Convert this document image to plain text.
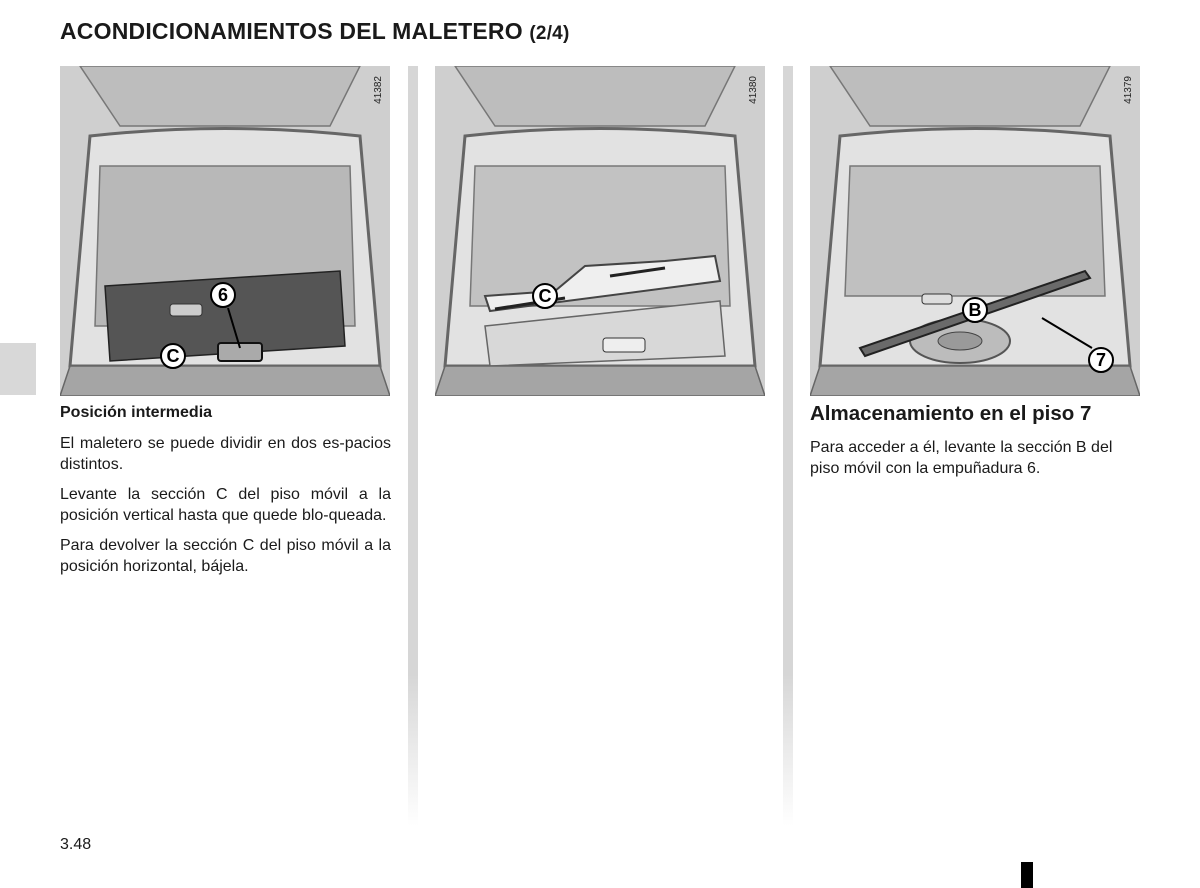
ACONDICIONAMIENTOS DEL MALETERO (2/4)
41382
6
C
41380
C
41379
B
7
Posición intermedia

El maletero se puede dividir en dos es-pacios distintos.

Levante la sección C del piso móvil a la posición vertical hasta que quede blo-queada.

Para devolver la sección C del piso móvil a la posición horizontal, bájela.

Almacenamiento en el piso 7

Para acceder a él, levante la sección B del piso móvil con la empuñadura 6.

3.48
